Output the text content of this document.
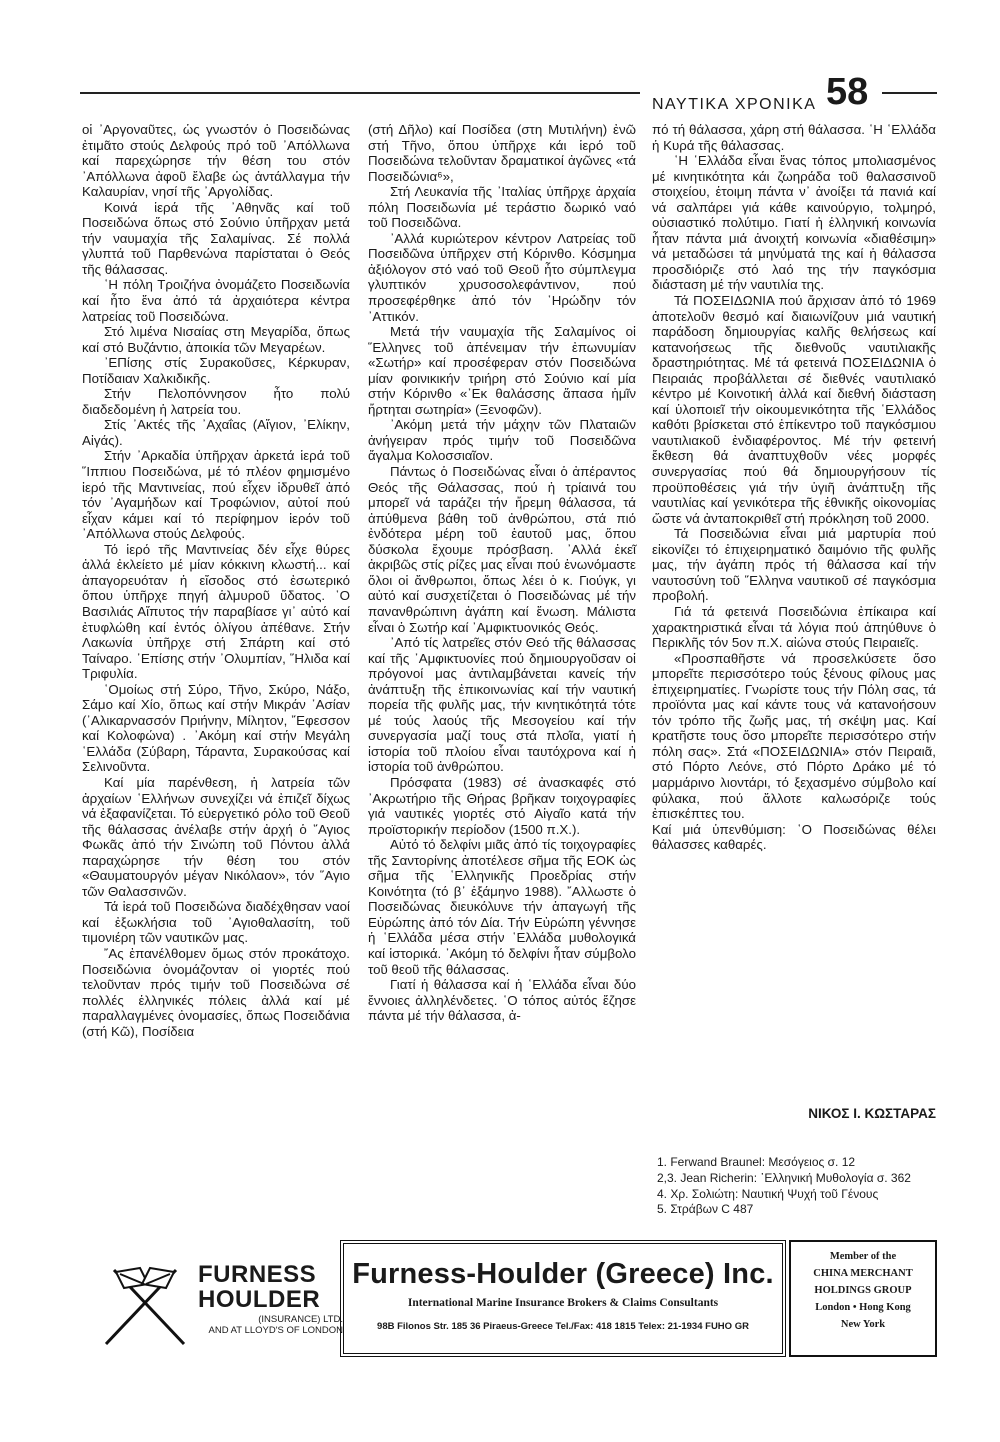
ΝΑΥΤΙΚΑ ΧΡΟΝΙΚΑ 58

οἱ ᾿Αργοναῦτες, ὡς γνωστόν ὁ Ποσειδώνας ἐτιμᾶτο στούς Δελφούς πρό τοῦ ᾿Απόλλωνα καί παρεχώρησε τήν θέση του στόν ᾿Απόλλωνα ἀφοῦ ἔλαβε ὡς ἀντάλλαγμα τήν Καλαυρίαν, νησί τῆς ᾿Αργολίδας.

Κοινά ἱερά τῆς ᾿Αθηνᾶς καί τοῦ Ποσειδώνα ὅπως στό Σούνιο ὑπῆρχαν μετά τήν ναυμαχία τῆς Σαλαμίνας. Σέ πολλά γλυπτά τοῦ Παρθενώνα παρίσταται ὁ Θεός τῆς θάλασσας.

῾Η πόλη Τροιζήνα ὀνομάζετο Ποσειδωνία καί ἦτο ἕνα ἀπό τά ἀρχαιότερα κέντρα λατρείας τοῦ Ποσειδώνα.

Στό λιμένα Νισαίας στη Μεγαρίδα, ὅπως καί στό Βυζάντιο, ἀποικία τῶν Μεγαρέων.

᾿ΕΠίσης στίς Συρακοῦσες, Κέρκυραν, Ποτίδαιαν Χαλκιδικῆς.

Στήν Πελοπόννησον ἦτο πολύ διαδεδομένη ἡ λατρεία του.

Στίς ᾿Ακτές τῆς ᾿Αχαΐας (Αἴγιον, ᾿Ελίκην, Αἰγάς).

Στήν ᾿Αρκαδία ὑπῆρχαν ἀρκετά ἱερά τοῦ ῞Ιππιου Ποσειδώνα, μέ τό πλέον φημισμένο ἱερό τῆς Μαντινείας, πού εἶχεν ἱδρυθεῖ ἀπό τόν ᾿Αγαμήδων καί Τροφώνιον, αὐτοί πού εἶχαν κάμει καί τό περίφημον ἱερόν τοῦ ᾿Απόλλωνα στούς Δελφούς.

Τό ἱερό τῆς Μαντινείας δέν εἶχε θύρες ἀλλά ἐκλείετο μέ μίαν κόκκινη κλωστή... καί ἀπαγορευόταν ἡ εἴσοδος στό ἐσωτερικό ὅπου ὑπῆρχε πηγή ἁλμυροῦ ὕδατος. ῾Ο Βασιλιάς Αἴπυτος τήν παραβίασε γι᾿ αὐτό καί ἐτυφλώθη καί ἐντός ὀλίγου ἀπέθανε. Στήν Λακωνία ὑπῆρχε στή Σπάρτη καί στό Ταίναρο. ᾿Επίσης στήν ᾿Ολυμπίαν, ῞Ηλιδα καί Τριφυλία.

῾Ομοίως στή Σύρο, Τῆνο, Σκύρο, Νάξο, Σάμο καί Χίο, ὅπως καί στήν Μικράν ᾿Ασίαν (᾿Αλικαρνασσόν Πριήνην, Μίλητον, ῎Εφεσσον καί Κολοφώνα) . ᾿Ακόμη καί στήν Μεγάλη ῾Ελλάδα (Σύβαρη, Τάραντα, Συρακούσας καί Σελινοῦντα.

Καί μία παρένθεση, ἡ λατρεία τῶν ἀρχαίων ῾Ελλήνων συνεχίζει νά ἐπιζεῖ δίχως νά ἐξαφανίζεται. Τό εὐεργετικό ρόλο τοῦ Θεοῦ τῆς θάλασσας ἀνέλαβε στήν ἀρχή ὁ ῞Αγιος Φωκᾶς ἀπό τήν Σινώπη τοῦ Πόντου ἀλλά παραχώρησε τήν θέση του στόν «Θαυματουργόν μέγαν Νικόλαον», τόν ῞Αγιο τῶν Θαλασσινῶν.

Τά ἱερά τοῦ Ποσειδώνα διαδέχθησαν ναοί καί ἐξωκλήσια τοῦ ᾿Αγιοθαλασίτη, τοῦ τιμονιέρη τῶν ναυτικῶν μας.

῎Ας ἐπανέλθομεν ὅμως στόν προκάτοχο. Ποσειδώνια ὀνομάζονταν οἱ γιορτές πού τελοῦνταν πρός τιμήν τοῦ Ποσειδώνα σέ πολλές ἑλληνικές πόλεις ἀλλά καί μέ παραλλαγμένες ὀνομασίες, ὅπως Ποσειδάνια (στή Κῶ), Ποσίδεια

(στή Δῆλο) καί Ποσίδεα (στη Μυτιλήνη) ἐνῶ στή Τῆνο, ὅπου ὑπῆρχε κάι ἱερό τοῦ Ποσειδώνα τελοῦνταν δραματικοί ἀγῶνες «τά Ποσειδώνια⁶»,

Στή Λευκανία τῆς ᾿Ιταλίας ὑπῆρχε ἀρχαία πόλη Ποσειδωνία μέ τεράστιο δωρικό ναό τοῦ Ποσειδῶνα.

᾿Αλλά κυριώτερον κέντρον Λατρείας τοῦ Ποσειδῶνα ὑπῆρχεν στή Κόρινθο. Κόσμημα ἀξιόλογον στό ναό τοῦ Θεοῦ ἦτο σύμπλεγμα γλυπτικόν χρυσοσολεφάντινον, πού προσεφέρθηκε ἀπό τόν ῾Ηρώδην τόν ᾿Αττικόν.

Μετά τήν ναυμαχία τῆς Σαλαμίνος οἱ ῞Ελληνες τοῦ ἀπένειμαν τήν ἐπωνυμίαν «Σωτήρ» καί προσέφεραν στόν Ποσειδώνα μίαν φοινικικήν τριήρη στό Σούνιο καί μία στήν Κόρινθο «᾿Εκ θαλάσσης ἅπασα ἡμῖν ἤρτηται σωτηρία» (Ξενοφῶν).

᾿Ακόμη μετά τήν μάχην τῶν Πλαταιῶν ἀνήγειραν πρός τιμήν τοῦ Ποσειδῶνα ἄγαλμα Κολοσσιαῖον.

Πάντως ὁ Ποσειδώνας εἶναι ὁ ἀπέραντος Θεός τῆς Θάλασσας, πού ἡ τρίαινά του μπορεῖ νά ταράζει τήν ἤρεμη θάλασσα, τά ἀπύθμενα βάθη τοῦ ἀνθρώπου, στά πιό ἐνδότερα μέρη τοῦ ἑαυτοῦ μας, ὅπου δύσκολα ἔχουμε πρόσβαση. ᾿Αλλά ἐκεῖ ἀκριβῶς στίς ρίζες μας εἶναι πού ἑνωνόμαστε ὅλοι οἱ ἄνθρωποι, ὅπως λέει ὁ κ. Γιούγκ, γι αὐτό καί συσχετίζεται ὁ Ποσειδώνας μέ τήν πανανθρώπινη ἀγάπη καί ἕνωση. Μάλιστα εἶναι ὁ Σωτήρ καί ᾿Αμφικτυονικός Θεός.

᾿Από τίς λατρεῖες στόν Θεό τῆς θάλασσας καί τῆς ᾿Αμφικτυονίες πού δημιουργοῦσαν οἱ πρόγονοί μας ἀντιλαμβάνεται κανείς τήν ἀνάπτυξη τῆς ἐπικοινωνίας καί τήν ναυτική πορεία τῆς φυλῆς μας, τήν κινητικότητά τότε μέ τούς λαούς τῆς Μεσογείου καί τήν συνεργασία μαζί τους στά πλοῖα, γιατί ἡ ἱστορία τοῦ πλοίου εἶναι ταυτόχρονα καί ἡ ἱστορία τοῦ ἀνθρώπου.

Πρόσφατα (1983) σέ ἀνασκαφές στό ᾿Ακρωτήριο τῆς Θήρας βρῆκαν τοιχογραφίες γιά ναυτικές γιορτές στό Αἰγαῖο κατά τήν προϊστορικήν περίοδον (1500 π.Χ.).

Αὐτό τό δελφίνι μιᾶς ἀπό τίς τοιχογραφίες τῆς Σαντορίνης ἀποτέλεσε σῆμα τῆς ΕΟΚ ὡς σῆμα τῆς ῾Ελληνικῆς Προεδρίας στήν Κοινότητα (τό β᾿ ἑξάμηνο 1988). ῎Αλλωστε ὁ Ποσειδώνας διευκόλυνε τήν ἁπαγωγή τῆς Εὐρώπης ἀπό τόν Δία. Τήν Εὐρώπη γέννησε ἡ ῾Ελλάδα μέσα στήν ῾Ελλάδα μυθολογικά καί ἱστορικά. ᾿Ακόμη τό δελφίνι ἦταν σύμβολο τοῦ θεοῦ τῆς θάλασσας.

Γιατί ἡ θάλασσα καί ἡ ῾Ελλάδα εἶναι δύο ἔννοιες ἀλληλένδετες. ῾Ο τόπος αὐτός ἔζησε πάντα μέ τήν θάλασσα, ἀ-

πό τή θάλασσα, χάρη στή θάλασσα. ῾Η ῾Ελλάδα ἡ Κυρά τῆς θάλασσας.

῾Η ῾Ελλάδα εἶναι ἕνας τόπος μπολιασμένος μέ κινητικότητα κάι ζωηράδα τοῦ θαλασσινοῦ στοιχείου, ἑτοιμη πάντα ν᾿ ἀνοίξει τά πανιά καί νά σαλπάρει γιά κάθε καινούργιο, τολμηρό, οὐσιαστικό πολύτιμο. Γιατί ἡ ἑλληνική κοινωνία ἦταν πάντα μιά ἀνοιχτή κοινωνία «διαθέσιμη» νά μεταδώσει τά μηνύματά της καί ἡ θάλασσα προσδιόριζε στό λαό της τήν παγκόσμια διάσταση μέ τήν ναυτιλία της.

Τά ΠΟΣΕΙΔΩΝΙΑ πού ἄρχισαν ἀπό τό 1969 ἀποτελοῦν θεσμό καί διαιωνίζουν μιά ναυτική παράδοση δημιουργίας καλῆς θελήσεως καί κατανοήσεως τῆς διεθνοῦς ναυτιλιακῆς δραστηριότητας. Μέ τά φετεινά ΠΟΣΕΙΔΩΝΙΑ ὁ Πειραιάς προβάλλεται σέ διεθνές ναυτιλιακό κέντρο μέ Κοινοτική ἀλλά καί διεθνή διάσταση καί ὑλοποιεῖ τήν οἰκουμενικότητα τῆς ῾Ελλάδος καθότι βρίσκεται στό ἐπίκεντρο τοῦ παγκόσμιου ναυτιλιακοῦ ἐνδιαφέροντος. Μέ τήν φετεινή ἔκθεση θά ἀναπτυχθοῦν νέες μορφές συνεργασίας πού θά δημιουργήσουν τίς προϋποθέσεις γιά τήν ὑγιῆ ἀνάπτυξη τῆς ναυτιλίας καί γενικότερα τῆς ἐθνικῆς οἰκονομίας ὥστε νά ἀνταποκριθεῖ στή πρόκληση τοῦ 2000.

Τά Ποσειδώνια εἶναι μιά μαρτυρία πού εἰκονίζει τό ἐπιχειρηματικό δαιμόνιο τῆς φυλῆς μας, τήν ἀγάπη πρός τή θάλασσα καί τήν ναυτοσύνη τοῦ ῞Ελληνα ναυτικοῦ σέ παγκόσμια προβολή.

Γιά τά φετεινά Ποσειδώνια ἐπίκαιρα καί χαρακτηριστικά εἶναι τά λόγια πού ἀπηύθυνε ὁ Περικλῆς τόν 5ον π.Χ. αἰώνα στούς Πειραιεῖς.

«Προσπαθῆστε νά προσελκύσετε ὅσο μπορεῖτε περισσότερο τούς ξένους φίλους μας ἐπιχειρηματίες. Γνωρίστε τους τήν Πόλη σας, τά προϊόντα μας καί κάντε τους νά κατανοήσουν τόν τρόπο τῆς ζωῆς μας, τή σκέψη μας. Καί κρατῆστε τους ὅσο μπορεῖτε περισσότερο στήν πόλη σας». Στά «ΠΟΣΕΙΔΩΝΙΑ» στόν Πειραιᾶ, στό Πόρτο Λεόνε, στό Πόρτο Δράκο μέ τό μαρμάρινο λιοντάρι, τό ξεχασμένο σύμβολο καί φύλακα, πού ἄλλοτε καλωσόριζε τούς ἐπισκέπτες του.

Καί μιά ὑπενθύμιση: ῾Ο Ποσειδώνας θέλει θάλασσες καθαρές.

ΝΙΚΟΣ Ι. ΚΩΣΤΑΡΑΣ
1. Ferwand Braunel: Μεσόγειος σ. 12
2,3. Jean Richerin: ῾Ελληνική Μυθολογία σ. 362
4. Χρ. Σολιώτη: Ναυτική Ψυχή τοῦ Γένους
5. Στράβων C 487
FURNESS
HOULDER
(INSURANCE) LTD.
AND AT LLOYD'S OF LONDON
Furness-Houlder (Greece) Inc.
International Marine Insurance Brokers & Claims Consultants
98B Filonos Str. 185 36 Piraeus-Greece Tel./Fax: 418 1815 Telex: 21-1934 FUHO GR
Member of the
CHINA MERCHANT
HOLDINGS GROUP
London • Hong Kong
New York
